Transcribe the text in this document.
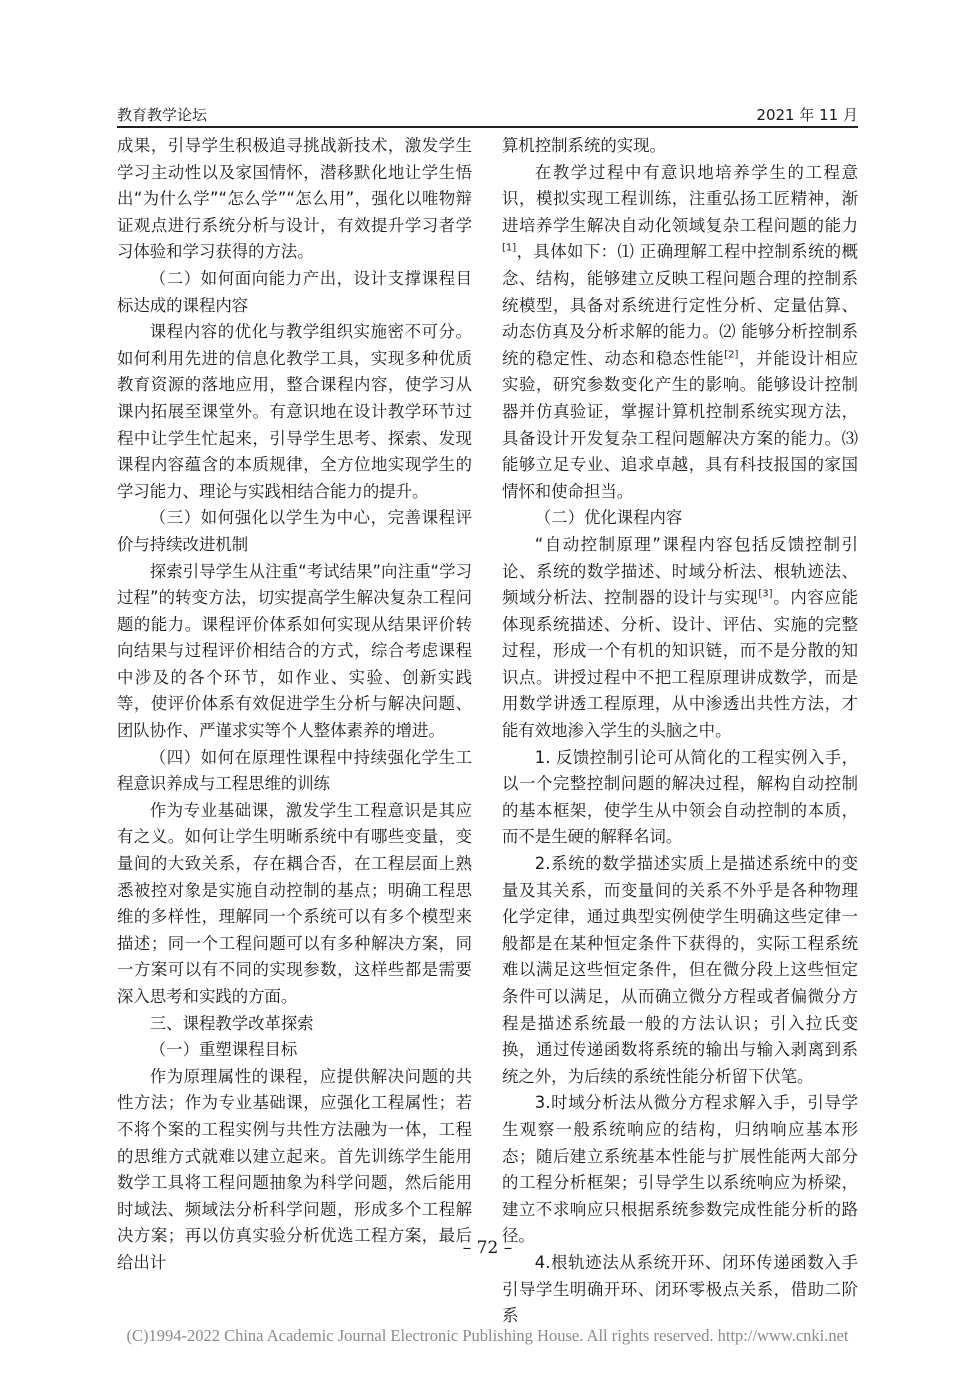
教育教学论坛	2021 年 11 月

成果，引导学生积极追寻挑战新技术，激发学生学习主动性以及家国情怀，潜移默化地让学生悟出“为什么学”“怎么学”“怎么用”，强化以唯物辩证观点进行系统分析与设计，有效提升学习者学习体验和学习获得的方法。

（二）如何面向能力产出，设计支撑课程目标达成的课程内容

课程内容的优化与教学组织实施密不可分。如何利用先进的信息化教学工具，实现多种优质教育资源的落地应用，整合课程内容，使学习从课内拓展至课堂外。有意识地在设计教学环节过程中让学生忙起来，引导学生思考、探索、发现课程内容蕴含的本质规律，全方位地实现学生的学习能力、理论与实践相结合能力的提升。

（三）如何强化以学生为中心，完善课程评价与持续改进机制

探索引导学生从注重“考试结果”向注重“学习过程”的转变方法，切实提高学生解决复杂工程问题的能力。课程评价体系如何实现从结果评价转向结果与过程评价相结合的方式，综合考虑课程中涉及的各个环节，如作业、实验、创新实践等，使评价体系有效促进学生分析与解决问题、团队协作、严谨求实等个人整体素养的增进。

（四）如何在原理性课程中持续强化学生工程意识养成与工程思维的训练

作为专业基础课，激发学生工程意识是其应有之义。如何让学生明晰系统中有哪些变量，变量间的大致关系，存在耦合否，在工程层面上熟悉被控对象是实施自动控制的基点；明确工程思维的多样性，理解同一个系统可以有多个模型来描述；同一个工程问题可以有多种解决方案，同一方案可以有不同的实现参数，这样些都是需要深入思考和实践的方面。

三、课程教学改革探索

（一）重塑课程目标

作为原理属性的课程，应提供解决问题的共性方法；作为专业基础课，应强化工程属性；若不将个案的工程实例与共性方法融为一体，工程的思维方式就难以建立起来。首先训练学生能用数学工具将工程问题抽象为科学问题，然后能用时域法、频域法分析科学问题，形成多个工程解决方案；再以仿真实验分析优选工程方案，最后给出计

算机控制系统的实现。

在教学过程中有意识地培养学生的工程意识，模拟实现工程训练，注重弘扬工匠精神，渐进培养学生解决自动化领域复杂工程问题的能力[1]，具体如下：⑴ 正确理解工程中控制系统的概念、结构，能够建立反映工程问题合理的控制系统模型，具备对系统进行定性分析、定量估算、动态仿真及分析求解的能力。⑵ 能够分析控制系统的稳定性、动态和稳态性能[2]，并能设计相应实验，研究参数变化产生的影响。能够设计控制器并仿真验证，掌握计算机控制系统实现方法，具备设计开发复杂工程问题解决方案的能力。⑶ 能够立足专业、追求卓越，具有科技报国的家国情怀和使命担当。

（二）优化课程内容

“自动控制原理”课程内容包括反馈控制引论、系统的数学描述、时域分析法、根轨迹法、频域分析法、控制器的设计与实现[3]。内容应能体现系统描述、分析、设计、评估、实施的完整过程，形成一个有机的知识链，而不是分散的知识点。讲授过程中不把工程原理讲成数学，而是用数学讲透工程原理，从中渗透出共性方法，才能有效地渗入学生的头脑之中。

1. 反馈控制引论可从简化的工程实例入手，以一个完整控制问题的解决过程，解构自动控制的基本框架，使学生从中领会自动控制的本质，而不是生硬的解释名词。

2.系统的数学描述实质上是描述系统中的变量及其关系，而变量间的关系不外乎是各种物理化学定律，通过典型实例使学生明确这些定律一般都是在某种恒定条件下获得的，实际工程系统难以满足这些恒定条件，但在微分段上这些恒定条件可以满足，从而确立微分方程或者偏微分方程是描述系统最一般的方法认识；引入拉氏变换，通过传递函数将系统的输出与输入剥离到系统之外，为后续的系统性能分析留下伏笔。

3.时域分析法从微分方程求解入手，引导学生观察一般系统响应的结构，归纳响应基本形态；随后建立系统基本性能与扩展性能两大部分的工程分析框架；引导学生以系统响应为桥梁，建立不求响应只根据系统参数完成性能分析的路径。

4.根轨迹法从系统开环、闭环传递函数入手引导学生明确开环、闭环零极点关系，借助二阶系

– 72 –
(C)1994-2022 China Academic Journal Electronic Publishing House. All rights reserved. http://www.cnki.net
